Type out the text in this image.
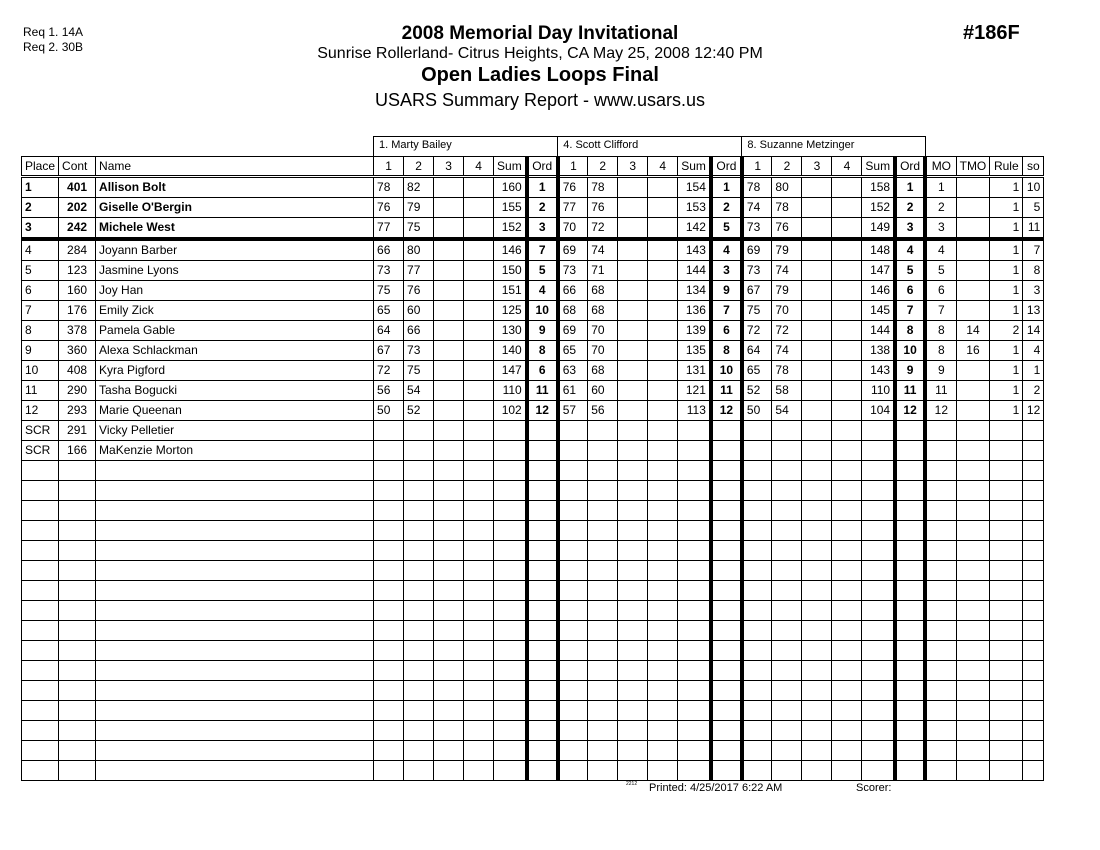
Req 1. 14A
Req 2. 30B
2008 Memorial Day Invitational
Sunrise Rollerland- Citrus Heights, CA May 25, 2008 12:40 PM
Open Ladies Loops Final
USARS Summary Report - www.usars.us
#186F
			1. Marty Bailey						4. Scott Clifford						8. Suzanne Metzinger									
Place	Cont	Name	1	2	3	4	Sum	Ord	1	2	3	4	Sum	Ord	1	2	3	4	Sum	Ord	MO	TMO	Rule	so
1	401	Allison Bolt	78	82			160	1	76	78			154	1	78	80			158	1	1		1	10
2	202	Giselle O'Bergin	76	79			155	2	77	76			153	2	74	78			152	2	2		1	5
3	242	Michele West	77	75			152	3	70	72			142	5	73	76			149	3	3		1	11
4	284	Joyann Barber	66	80			146	7	69	74			143	4	69	79			148	4	4		1	7
5	123	Jasmine Lyons	73	77			150	5	73	71			144	3	73	74			147	5	5		1	8
6	160	Joy Han	75	76			151	4	66	68			134	9	67	79			146	6	6		1	3
7	176	Emily Zick	65	60			125	10	68	68			136	7	75	70			145	7	7		1	13
8	378	Pamela Gable	64	66			130	9	69	70			139	6	72	72			144	8	8	14	2	14
9	360	Alexa Schlackman	67	73			140	8	65	70			135	8	64	74			138	10	8	16	1	4
10	408	Kyra Pigford	72	75			147	6	63	68			131	10	65	78			143	9	9		1	1
11	290	Tasha Bogucki	56	54			110	11	61	60			121	11	52	58			110	11	11		1	2
12	293	Marie Queenan	50	52			102	12	57	56			113	12	50	54			104	12	12		1	12
SCR	291	Vicky Pelletier																						
SCR	166	MaKenzie Morton																						

2212 Printed: 4/25/2017 6:22 AM	Scorer:
